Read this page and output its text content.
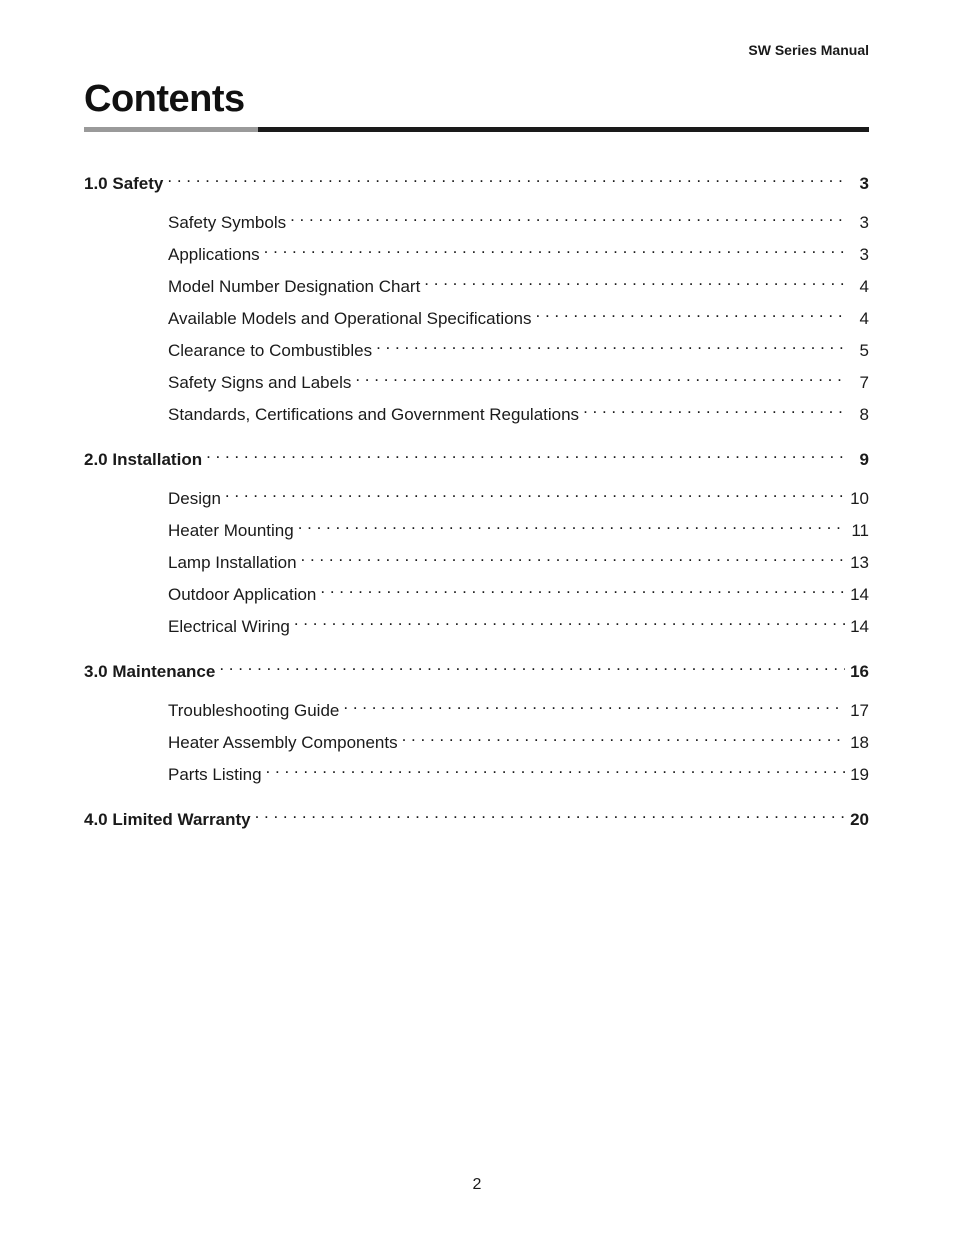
SW Series Manual
Contents
1.0 Safety . . .	3
Safety Symbols . . .	3
Applications . . .	3
Model Number Designation Chart . . .	4
Available Models and Operational Specifications . . .	4
Clearance to Combustibles . . .	5
Safety Signs and Labels . . .	7
Standards, Certifications and Government Regulations . . .	8
2.0 Installation . . .	9
Design . . .	10
Heater Mounting . . .	11
Lamp Installation . . .	13
Outdoor Application . . .	14
Electrical Wiring . . .	14
3.0 Maintenance . . .	16
Troubleshooting Guide . . .	17
Heater Assembly Components . . .	18
Parts Listing . . .	19
4.0 Limited Warranty . . .	20
2
